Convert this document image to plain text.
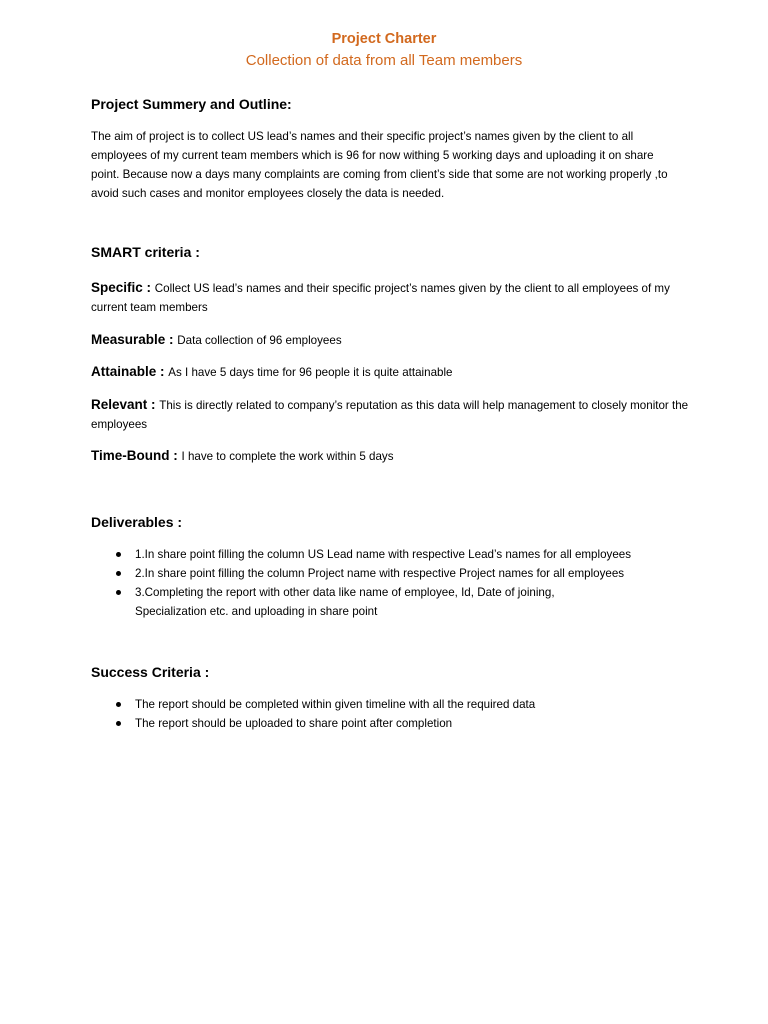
Project Charter
Collection of data from all Team members
Project Summery and Outline:
The aim of project is to collect US lead’s names and their specific project’s names given by the client to all employees of my current team members which is 96 for now withing 5 working days and uploading it on share point. Because now a days many complaints are coming from client’s side that some are not working properly ,to avoid such cases and monitor employees closely the data is needed.
SMART criteria :
Specific : Collect US lead’s names and their specific project’s names given by the client to all employees of my current team members
Measurable : Data collection of 96 employees
Attainable : As I have 5 days time for 96 people it is quite attainable
Relevant : This is directly related to company’s reputation as this data will help management to closely monitor the employees
Time-Bound : I have to complete the work within 5 days
Deliverables :
1.In share point filling the column US Lead name with respective Lead’s names for all employees
2.In share point filling the column Project name with respective Project names for all employees
3.Completing the report with other data like name of employee, Id, Date of joining, Specialization etc. and uploading in share point
Success Criteria :
The report should be completed within given timeline with all the required data
The report should be uploaded to share point after completion
